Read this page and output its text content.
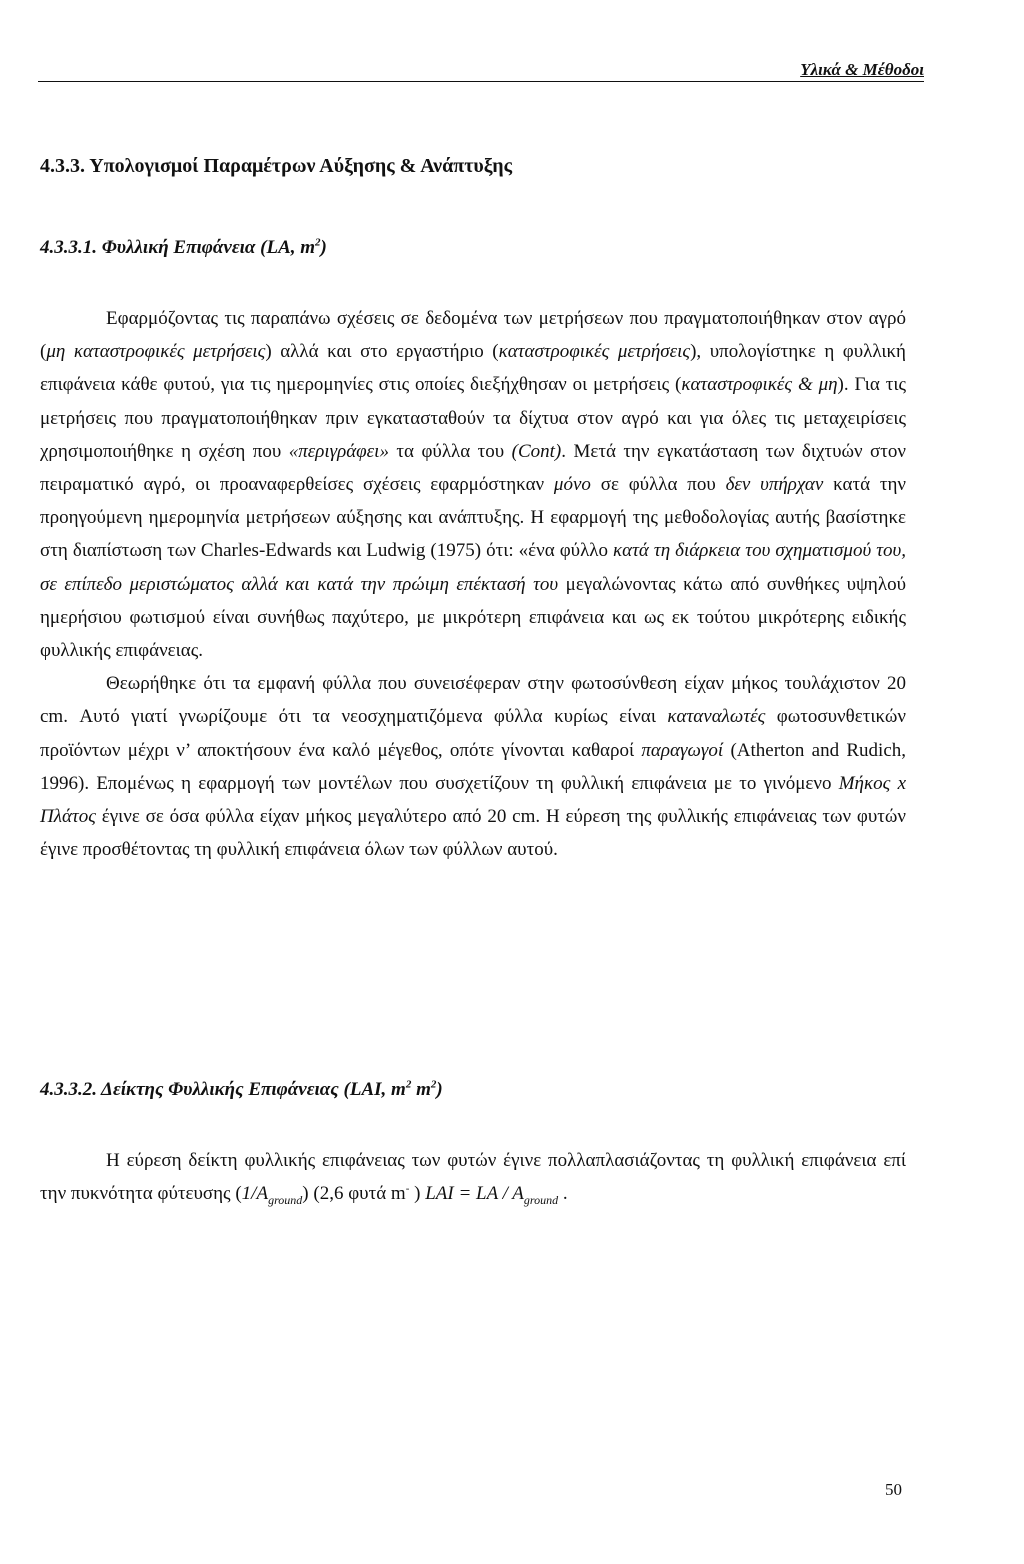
Υλικά & Μέθοδοι
4.3.3. Υπολογισμοί Παραμέτρων Αύξησης & Ανάπτυξης
4.3.3.1. Φυλλική Επιφάνεια (LA, $m^2$)

Εφαρμόζοντας τις παραπάνω σχέσεις σε δεδομένα των μετρήσεων που πραγματοποιήθηκαν στον αγρό (μη καταστροφικές μετρήσεις) αλλά και στο εργαστήριο (καταστροφικές μετρήσεις), υπολογίστηκε η φυλλική επιφάνεια κάθε φυτού, για τις ημερομηνίες στις οποίες διεξήχθησαν οι μετρήσεις (καταστροφικές & μη). Για τις μετρήσεις που πραγματοποιήθηκαν πριν εγκατασταθούν τα δίχτυα στον αγρό και για όλες τις μεταχειρίσεις χρησιμοποιήθηκε η σχέση που «περιγράφει» τα φύλλα του (Cont). Μετά την εγκατάσταση των διχτυών στον πειραματικό αγρό, οι προαναφερθείσες σχέσεις εφαρμόστηκαν μόνο σε φύλλα που δεν υπήρχαν κατά την προηγούμενη ημερομηνία μετρήσεων αύξησης και ανάπτυξης. Η εφαρμογή της μεθοδολογίας αυτής βασίστηκε στη διαπίστωση των Charles-Edwards και Ludwig (1975) ότι: «ένα φύλλο κατά τη διάρκεια του σχηματισμού του, σε επίπεδο μεριστώματος αλλά και κατά την πρώιμη επέκτασή του μεγαλώνοντας κάτω από συνθήκες υψηλού ημερήσιου φωτισμού είναι συνήθως παχύτερο, με μικρότερη επιφάνεια και ως εκ τούτου μικρότερης ειδικής φυλλικής επιφάνειας.

Θεωρήθηκε ότι τα εμφανή φύλλα που συνεισέφεραν στην φωτοσύνθεση είχαν μήκος τουλάχιστον 20 cm. Αυτό γιατί γνωρίζουμε ότι τα νεοσχηματιζόμενα φύλλα κυρίως είναι καταναλωτές φωτοσυνθετικών προϊόντων μέχρι ν’ αποκτήσουν ένα καλό μέγεθος, οπότε γίνονται καθαροί παραγωγοί (Atherton and Rudich, 1996). Επομένως η εφαρμογή των μοντέλων που συσχετίζουν τη φυλλική επιφάνεια με το γινόμενο Μήκος x Πλάτος έγινε σε όσα φύλλα είχαν μήκος μεγαλύτερο από 20 cm. Η εύρεση της φυλλικής επιφάνειας των φυτών έγινε προσθέτοντας τη φυλλική επιφάνεια όλων των φύλλων αυτού.

4.3.3.2. Δείκτης Φυλλικής Επιφάνειας (LAI, $m^2$ $m^2$)

Η εύρεση δείκτη φυλλικής επιφάνειας των φυτών έγινε πολλαπλασιάζοντας τη φυλλική επιφάνεια επί την πυκνότητα φύτευσης $(1/A_{ground})$ (2,6 φυτά m- ) LAI = LA / $A_{ground}$ .

50
